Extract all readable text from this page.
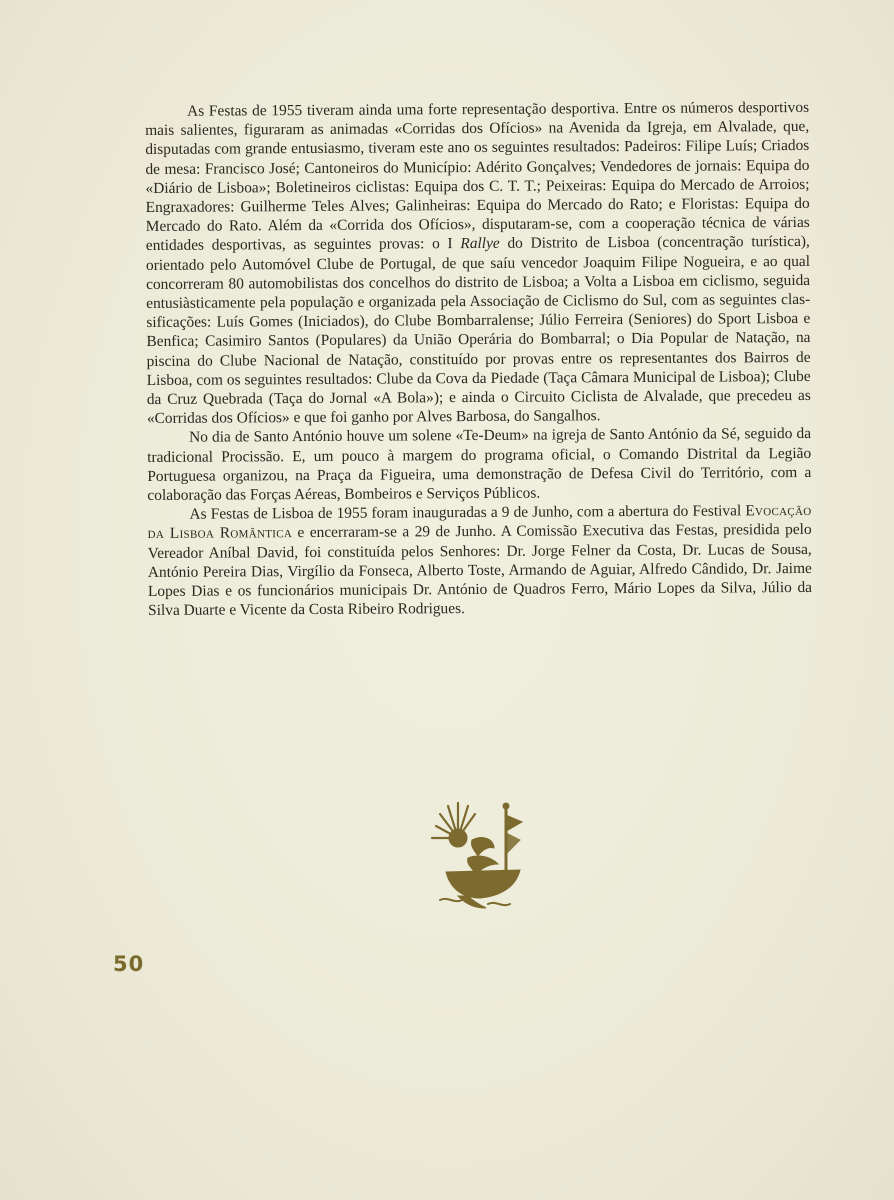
As Festas de 1955 tiveram ainda uma forte representação desportiva. Entre os números desportivos mais salientes, figuraram as animadas «Corridas dos Ofícios» na Avenida da Igreja, em Alvalade, que, disputadas com grande entusiasmo, tiveram este ano os seguintes resultados: Padeiros: Filipe Luís; Criados de mesa: Francisco José; Cantoneiros do Município: Adérito Gonçalves; Vendedores de jornais: Equipa do «Diário de Lisboa»; Boletineiros ciclistas: Equipa dos C. T. T.; Peixeiras: Equipa do Mercado de Arroios; Engraxadores: Guilherme Teles Alves; Galinheiras: Equipa do Mercado do Rato; e Floristas: Equipa do Mercado do Rato. Além da «Corrida dos Ofícios», disputaram-se, com a cooperação técnica de várias entidades desportivas, as seguintes provas: o I Rallye do Distrito de Lisboa (concentração turística), orientado pelo Automóvel Clube de Portugal, de que saíu vencedor Joaquim Filipe Nogueira, e ao qual concorreram 80 automobilistas dos concelhos do distrito de Lisboa; a Volta a Lisboa em ciclismo, seguida entusiàsticamente pela população e organizada pela Associação de Ciclismo do Sul, com as seguintes classificações: Luís Gomes (Iniciados), do Clube Bombarralense; Júlio Ferreira (Seniores) do Sport Lisboa e Benfica; Casimiro Santos (Populares) da União Operária do Bombarral; o Dia Popular de Natação, na piscina do Clube Nacional de Natação, constituído por provas entre os representantes dos Bairros de Lisboa, com os seguintes resultados: Clube da Cova da Piedade (Taça Câmara Municipal de Lisboa); Clube da Cruz Quebrada (Taça do Jornal «A Bola»); e ainda o Circuito Ciclista de Alvalade, que precedeu as «Corridas dos Ofícios» e que foi ganho por Alves Barbosa, do Sangalhos.

No dia de Santo António houve um solene «Te-Deum» na igreja de Santo António da Sé, seguido da tradicional Procissão. E, um pouco à margem do programa oficial, o Comando Distrital da Legião Portuguesa organizou, na Praça da Figueira, uma demonstração de Defesa Civil do Território, com a colaboração das Forças Aéreas, Bombeiros e Serviços Públicos.

As Festas de Lisboa de 1955 foram inauguradas a 9 de Junho, com a abertura do Festival Evocação da Lisboa Romântica e encerraram-se a 29 de Junho. A Comissão Executiva das Festas, presidida pelo Vereador Aníbal David, foi constituída pelos Senhores: Dr. Jorge Felner da Costa, Dr. Lucas de Sousa, António Pereira Dias, Virgílio da Fonseca, Alberto Toste, Armando de Aguiar, Alfredo Cândido, Dr. Jaime Lopes Dias e os funcionários municipais Dr. António de Quadros Ferro, Mário Lopes da Silva, Júlio da Silva Duarte e Vicente da Costa Ribeiro Rodrigues.

50
